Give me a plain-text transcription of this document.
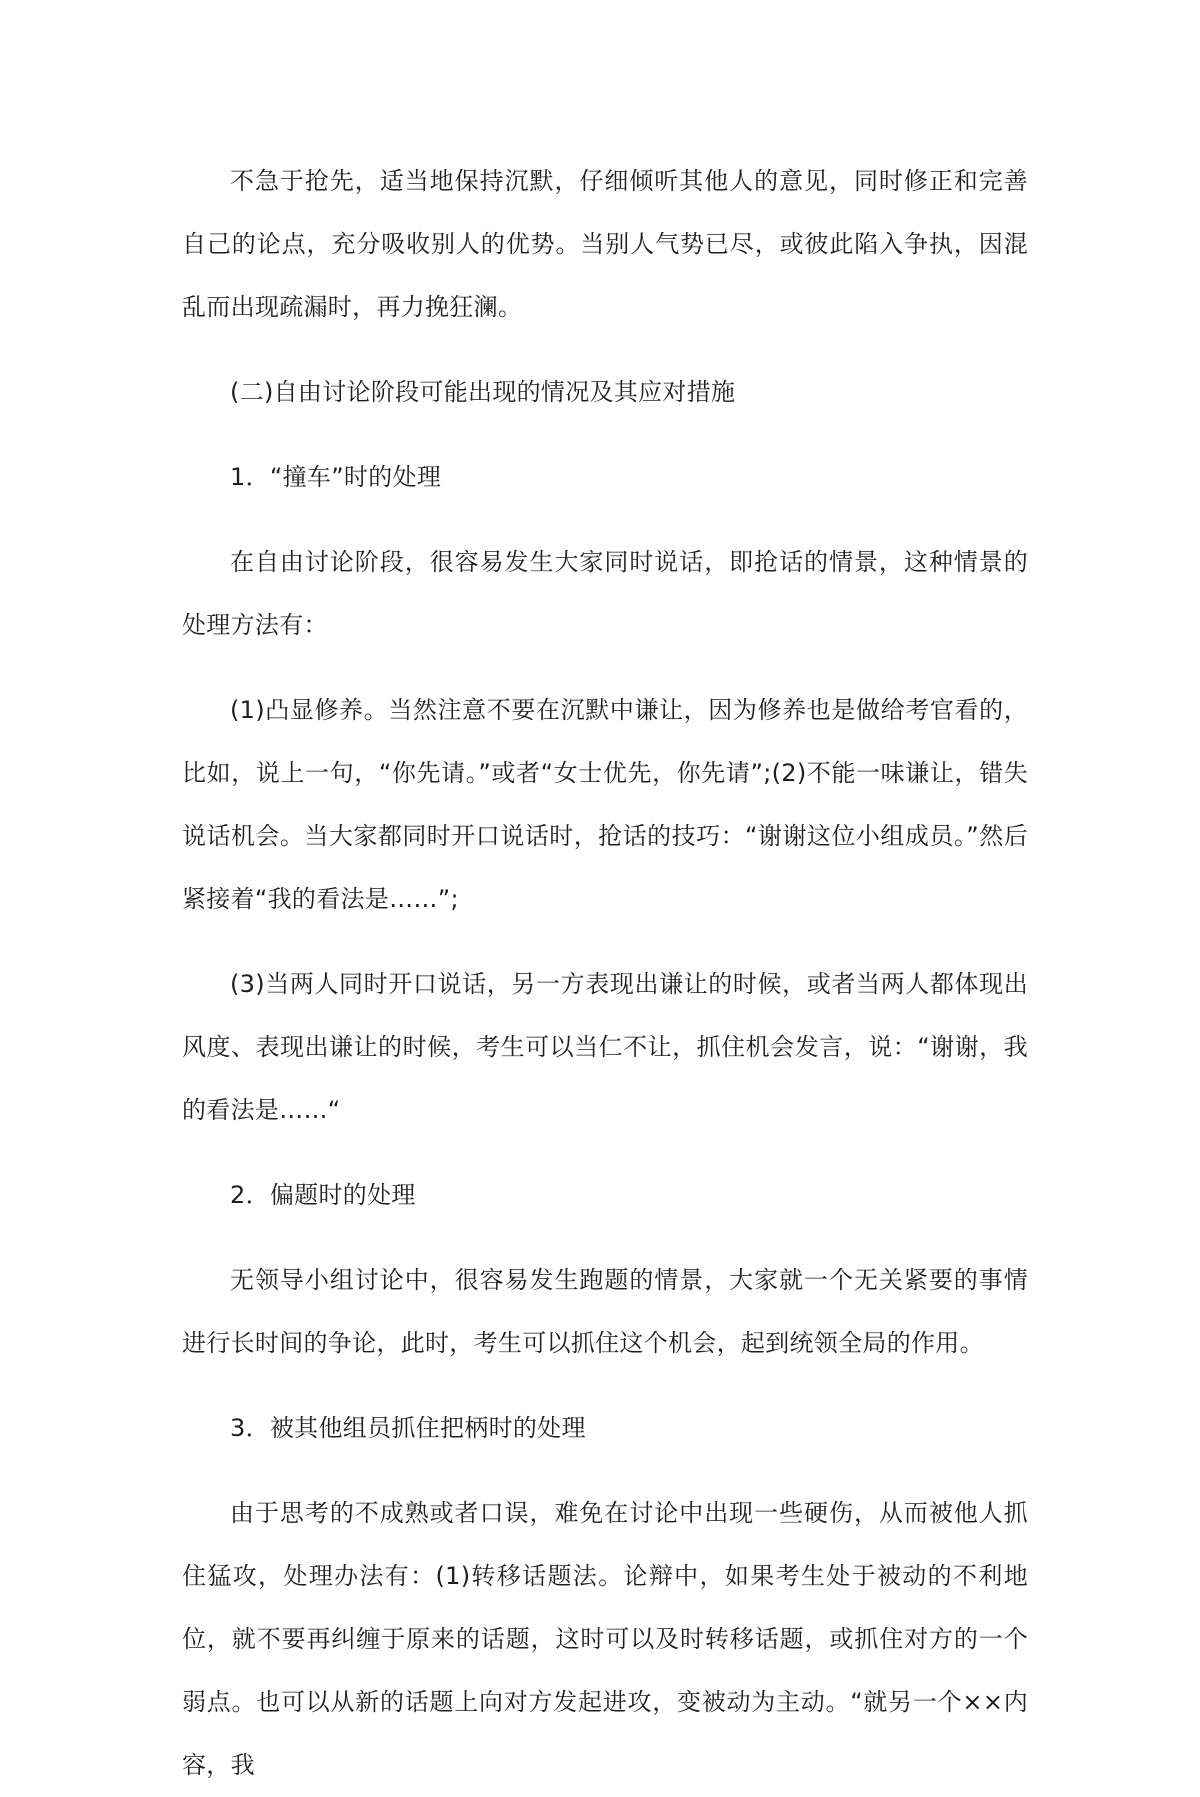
不急于抢先，适当地保持沉默，仔细倾听其他人的意见，同时修正和完善自己的论点，充分吸收别人的优势。当别人气势已尽，或彼此陷入争执，因混乱而出现疏漏时，再力挽狂澜。

(二)自由讨论阶段可能出现的情况及其应对措施

1．“撞车”时的处理

在自由讨论阶段，很容易发生大家同时说话，即抢话的情景，这种情景的处理方法有：

(1)凸显修养。当然注意不要在沉默中谦让，因为修养也是做给考官看的，比如，说上一句，“你先请。”或者“女士优先，你先请”;(2)不能一味谦让，错失说话机会。当大家都同时开口说话时，抢话的技巧：“谢谢这位小组成员。”然后紧接着“我的看法是……”;

(3)当两人同时开口说话，另一方表现出谦让的时候，或者当两人都体现出风度、表现出谦让的时候，考生可以当仁不让，抓住机会发言，说：“谢谢，我的看法是……“

2．偏题时的处理

无领导小组讨论中，很容易发生跑题的情景，大家就一个无关紧要的事情进行长时间的争论，此时，考生可以抓住这个机会，起到统领全局的作用。

3．被其他组员抓住把柄时的处理

由于思考的不成熟或者口误，难免在讨论中出现一些硬伤，从而被他人抓住猛攻，处理办法有：(1)转移话题法。论辩中，如果考生处于被动的不利地位，就不要再纠缠于原来的话题，这时可以及时转移话题，或抓住对方的一个弱点。也可以从新的话题上向对方发起进攻，变被动为主动。“就另一个××内容，我
